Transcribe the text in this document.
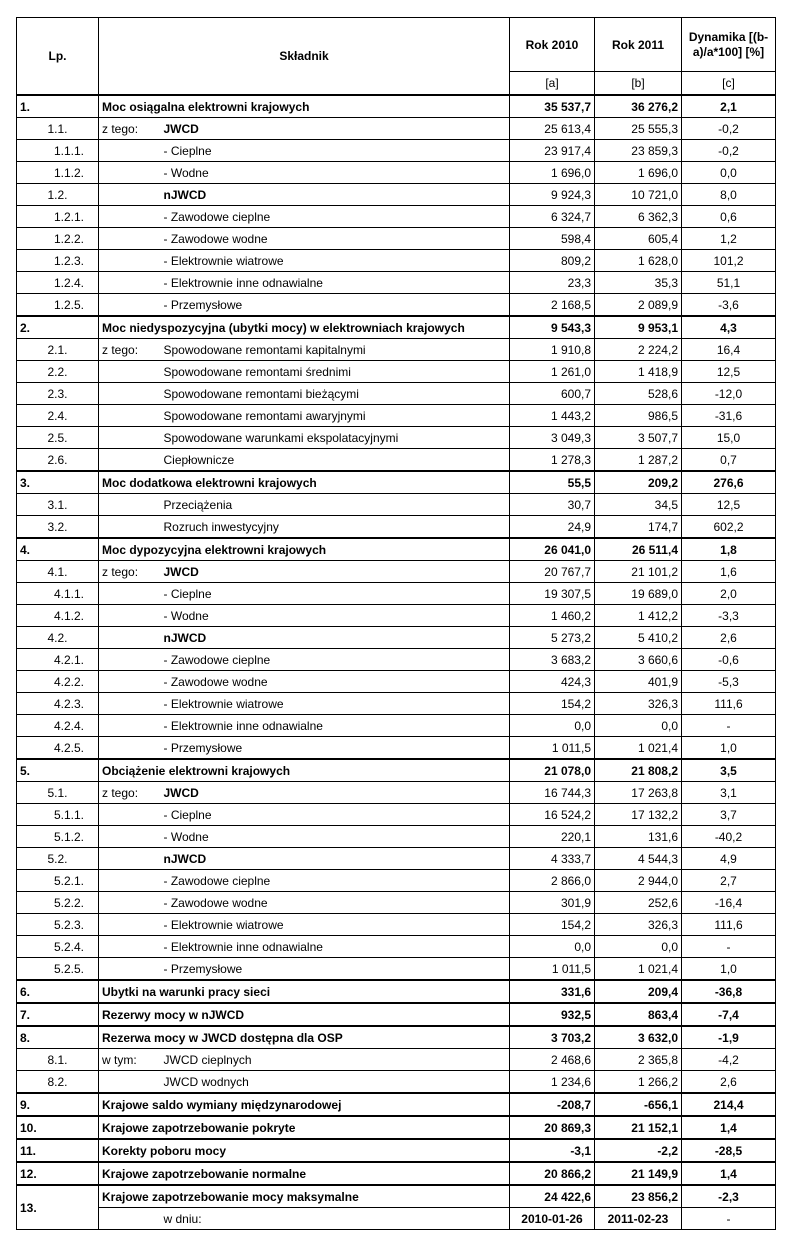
Lp.	Składnik		Rok 2010	Rok 2011	Dynamika [(b-a)/a*100] [%]
			[a]	[b]	[c]
1.	Moc osiągalna elektrowni krajowych		35 537,7	36 276,2	2,1
1.1.	z tego:	JWCD	25 613,4	25 555,3	-0,2
1.1.1.		- Cieplne	23 917,4	23 859,3	-0,2
1.1.2.		- Wodne	1 696,0	1 696,0	0,0
1.2.		nJWCD	9 924,3	10 721,0	8,0
1.2.1.		- Zawodowe cieplne	6 324,7	6 362,3	0,6
1.2.2.		- Zawodowe wodne	598,4	605,4	1,2
1.2.3.		- Elektrownie wiatrowe	809,2	1 628,0	101,2
1.2.4.		- Elektrownie inne odnawialne	23,3	35,3	51,1
1.2.5.		- Przemysłowe	2 168,5	2 089,9	-3,6
2.	Moc niedyspozycyjna (ubytki mocy) w elektrowniach krajowych		9 543,3	9 953,1	4,3
2.1.	z tego:	Spowodowane remontami kapitalnymi	1 910,8	2 224,2	16,4
2.2.		Spowodowane remontami średnimi	1 261,0	1 418,9	12,5
2.3.		Spowodowane remontami bieżącymi	600,7	528,6	-12,0
2.4.		Spowodowane remontami awaryjnymi	1 443,2	986,5	-31,6
2.5.		Spowodowane warunkami ekspolatacyjnymi	3 049,3	3 507,7	15,0
2.6.		Ciepłownicze	1 278,3	1 287,2	0,7
3.	Moc dodatkowa elektrowni krajowych		55,5	209,2	276,6
3.1.		Przeciążenia	30,7	34,5	12,5
3.2.		Rozruch inwestycyjny	24,9	174,7	602,2
4.	Moc dypozycyjna elektrowni krajowych		26 041,0	26 511,4	1,8
4.1.	z tego:	JWCD	20 767,7	21 101,2	1,6
4.1.1.		- Cieplne	19 307,5	19 689,0	2,0
4.1.2.		- Wodne	1 460,2	1 412,2	-3,3
4.2.		nJWCD	5 273,2	5 410,2	2,6
4.2.1.		- Zawodowe cieplne	3 683,2	3 660,6	-0,6
4.2.2.		- Zawodowe wodne	424,3	401,9	-5,3
4.2.3.		- Elektrownie wiatrowe	154,2	326,3	111,6
4.2.4.		- Elektrownie inne odnawialne	0,0	0,0	-
4.2.5.		- Przemysłowe	1 011,5	1 021,4	1,0
5.	Obciążenie elektrowni krajowych		21 078,0	21 808,2	3,5
5.1.	z tego:	JWCD	16 744,3	17 263,8	3,1
5.1.1.		- Cieplne	16 524,2	17 132,2	3,7
5.1.2.		- Wodne	220,1	131,6	-40,2
5.2.		nJWCD	4 333,7	4 544,3	4,9
5.2.1.		- Zawodowe cieplne	2 866,0	2 944,0	2,7
5.2.2.		- Zawodowe wodne	301,9	252,6	-16,4
5.2.3.		- Elektrownie wiatrowe	154,2	326,3	111,6
5.2.4.		- Elektrownie inne odnawialne	0,0	0,0	-
5.2.5.		- Przemysłowe	1 011,5	1 021,4	1,0
6.	Ubytki na warunki pracy sieci		331,6	209,4	-36,8
7.	Rezerwy mocy w nJWCD		932,5	863,4	-7,4
8.	Rezerwa mocy w JWCD dostępna dla OSP		3 703,2	3 632,0	-1,9
8.1.	w tym:	JWCD cieplnych	2 468,6	2 365,8	-4,2
8.2.		JWCD wodnych	1 234,6	1 266,2	2,6
9.	Krajowe saldo wymiany międzynarodowej		-208,7	-656,1	214,4
10.	Krajowe zapotrzebowanie pokryte		20 869,3	21 152,1	1,4
11.	Korekty poboru mocy		-3,1	-2,2	-28,5
12.	Krajowe zapotrzebowanie normalne		20 866,2	21 149,9	1,4
13.	Krajowe zapotrzebowanie mocy maksymalne		24 422,6	23 856,2	-2,3
		w dniu:	2010-01-26	2011-02-23	-
